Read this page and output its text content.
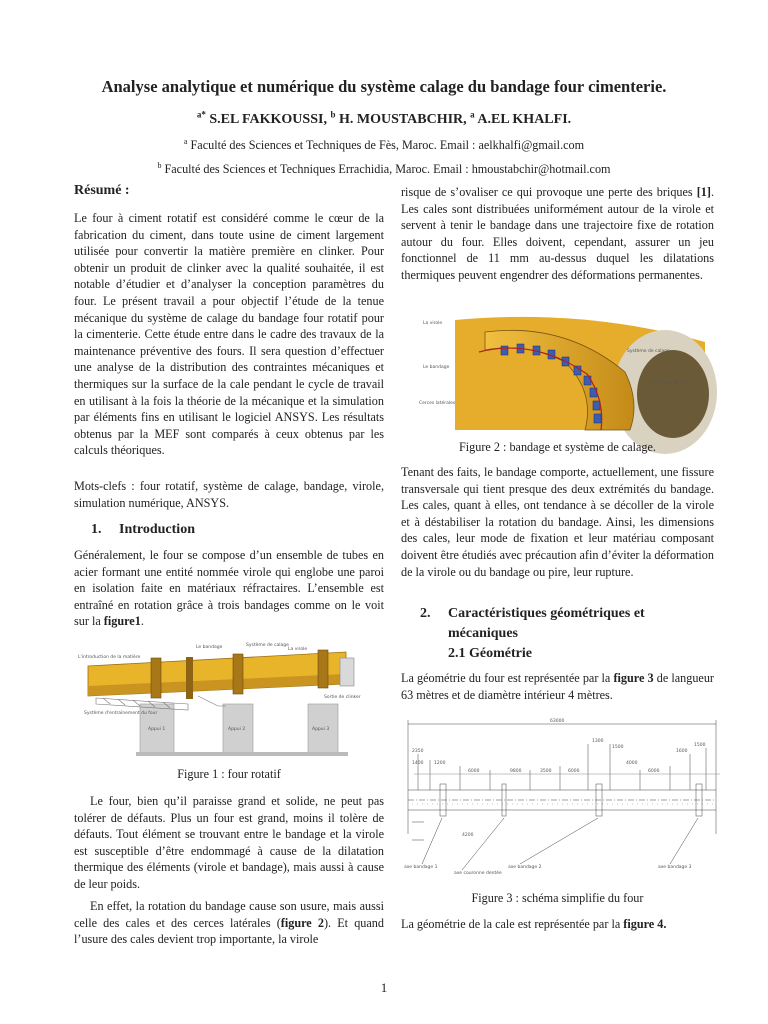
Analyse analytique et numérique du système calage du bandage four cimenterie.
$^{a*}$ S.EL FAKKOUSSI, $^b$ H. MOUSTABCHIR, $^a$ A.EL KHALFI.
$^a$ Faculté des Sciences et Techniques de Fès, Maroc. Email : aelkhalfi@gmail.com
$^b$ Faculté des Sciences et Techniques Errachidia, Maroc. Email : hmoustabchir@hotmail.com
Résumé :

Le four à ciment rotatif est considéré comme le cœur de la fabrication du ciment, dans toute usine de ciment largement utilisée pour convertir la matière première en clinker. Pour obtenir un produit de clinker avec la qualité souhaitée, il est notable d’étudier et d’analyser la conception paramètres du four. Le présent travail a pour objectif l’étude de la tenue mécanique du système de calage du bandage four rotatif pour la cimenterie. Cette étude entre dans le cadre des travaux de la maintenance préventive des fours. Il sera question d’effectuer une analyse de la distribution des contraintes mécaniques et thermiques sur la surface de la cale pendant le cycle de travail en utilisant à la fois la théorie de la mécanique et la simulation par éléments fins en utilisant le logiciel ANSYS. Les résultats obtenus par la MEF sont comparés à ceux obtenus par les calculs théoriques.

Mots-clefs : four rotatif, système de calage, bandage, virole, simulation numérique, ANSYS.

1. Introduction

Généralement, le four se compose d’un ensemble de tubes en acier formant une entité nommée virole qui englobe une paroi en isolation faite en matériaux réfractaires. L’ensemble est entraîné en rotation grâce à trois bandages comme on le voit sur la figure1.

L'introduction de la matière
Le bandage	Système de calage
La virole
Sortie de clinker
Système d'entraînement du four
Appui 1	Appui 2	Appui 3
Figure 1 : four rotatif

Le four, bien qu’il paraisse grand et solide, ne peut pas tolérer de défauts. Plus un four est grand, moins il tolère de défauts. Tout élément se trouvant entre le bandage et la virole est susceptible d’être endommagé à cause de la dilatation thermique des éléments (virole et bandage), mais aussi à cause de leur poids.

En effet, la rotation du bandage cause son usure, mais aussi celle des cales et des cerces latérales (figure 2). Et quand l’usure des cales devient trop importante, la virole

risque de s’ovaliser ce qui provoque une perte des briques [1]. Les cales sont distribuées uniformément autour de la virole et servent à tenir le bandage dans une trajectoire fixe de rotation autour du four. Elles doivent, cependant, assurer un jeu fonctionnel de 11 mm au-dessus duquel les dilatations thermiques peuvent engendrer des déformations permanentes.

La virole
Système de calage
Le bandage
L'intérieur du four
Cerces latérales
Figure 2 : bandage et système de calage.

Tenant des faits, le bandage comporte, actuellement, une fissure transversale qui tient presque des deux extrémités du bandage. Les cales, quant à elles, ont tendance à se décoller de la virole et à déstabiliser la rotation du bandage. Ainsi, les dimensions des cales, leur mode de fixation et leur matériau composant doivent être étudiés avec précaution afin d’éviter la déformation de la virole ou du bandage ou pire, leur rupture.

2. Caractéristiques géométriques et
mécaniques
2.1 Géométrie

La géométrie du four est représentée par la figure 3 de langueur 63 mètres et de diamètre intérieur 4 mètres.

63000
2350
1400 1200
6000	9800	3500
1300
6000
4200
1500
6000
1500
1600
4000
axe bandage 1
axe couronne dentée
axe bandage 2	axe bandage 3
Figure 3 : schéma simplifie du four

La géométrie de la cale est représentée par la figure 4.

1
